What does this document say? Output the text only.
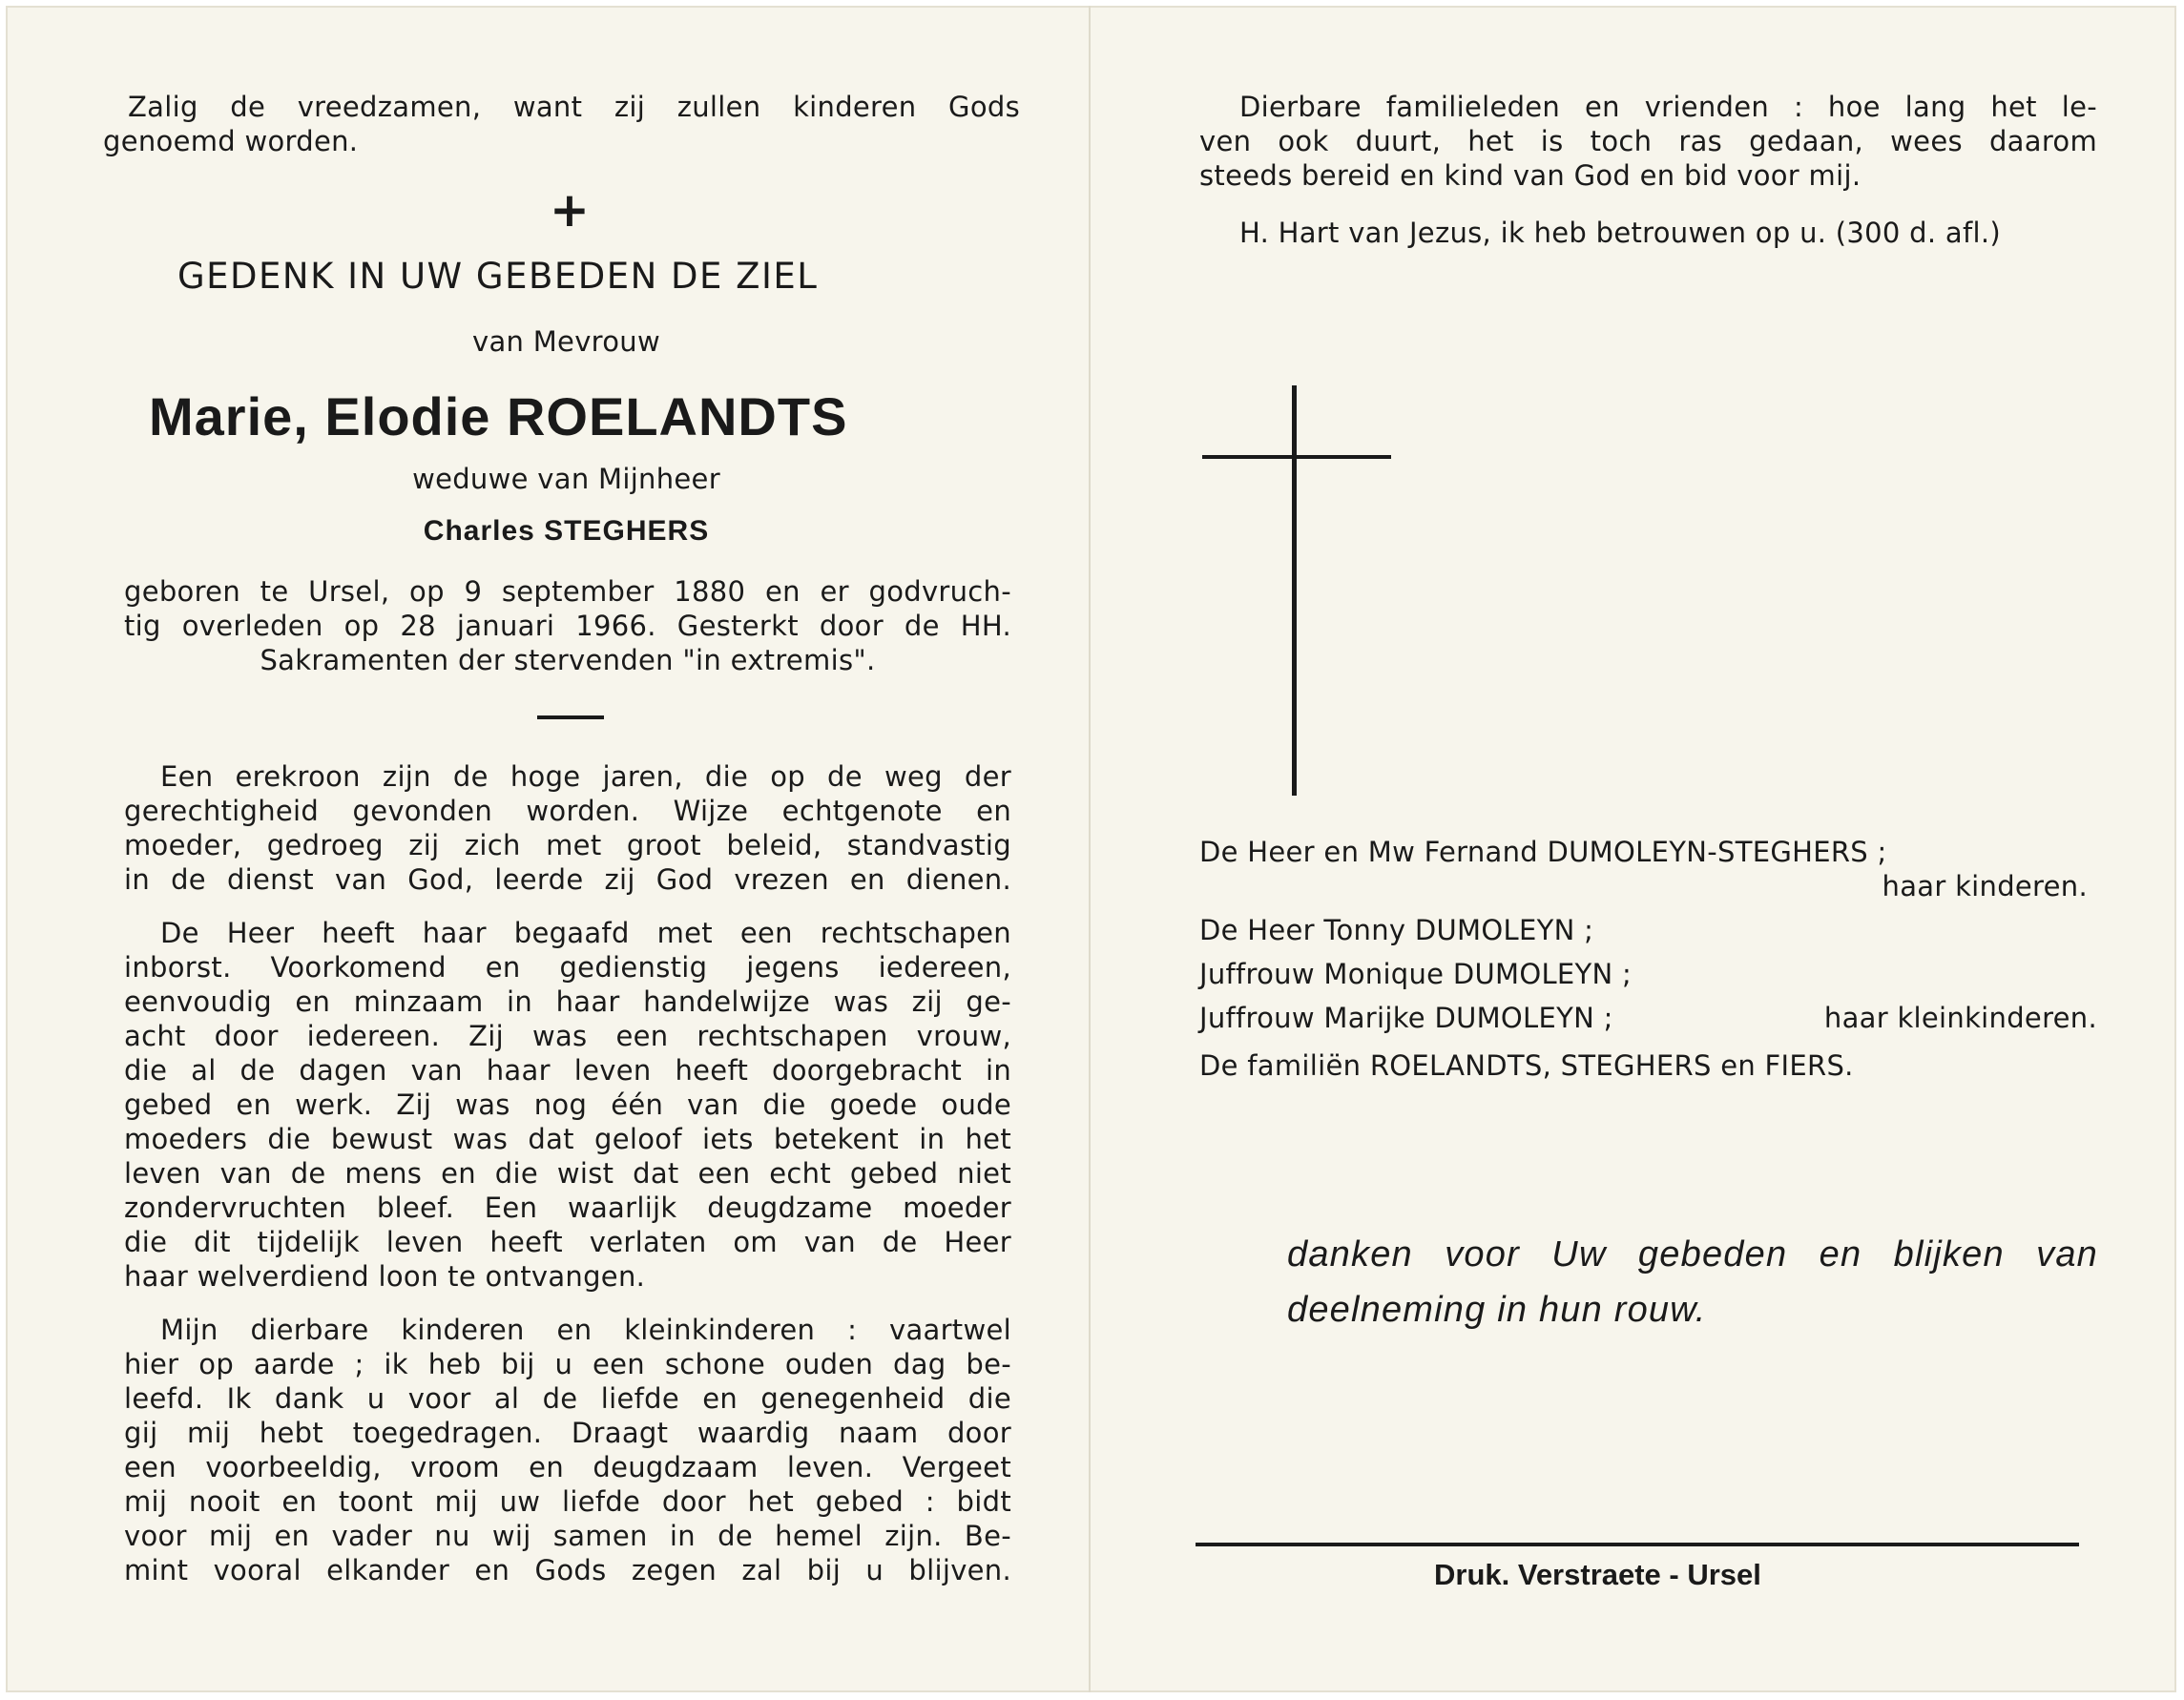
Zalig de vreedzamen, want zij zullen kinderen Gods

genoemd worden.

+
GEDENK IN UW GEBEDEN DE ZIEL
van Mevrouw
Marie, Elodie ROELANDTS
weduwe van Mijnheer
Charles STEGHERS

geboren te Ursel, op 9 september 1880 en er godvruch-

tig overleden op 28 januari 1966. Gesterkt door de HH.

Sakramenten der stervenden "in extremis".

Een erekroon zijn de hoge jaren, die op de weg der

gerechtigheid gevonden worden. Wijze echtgenote en

moeder, gedroeg zij zich met groot beleid, standvastig

in de dienst van God, leerde zij God vrezen en dienen.

De Heer heeft haar begaafd met een rechtschapen

inborst. Voorkomend en gedienstig jegens iedereen,

eenvoudig en minzaam in haar handelwijze was zij ge-

acht door iedereen. Zij was een rechtschapen vrouw,

die al de dagen van haar leven heeft doorgebracht in

gebed en werk. Zij was nog één van die goede oude

moeders die bewust was dat geloof iets betekent in het

leven van de mens en die wist dat een echt gebed niet

zondervruchten bleef. Een waarlijk deugdzame moeder

die dit tijdelijk leven heeft verlaten om van de Heer

haar welverdiend loon te ontvangen.

Mijn dierbare kinderen en kleinkinderen : vaartwel

hier op aarde ; ik heb bij u een schone ouden dag be-

leefd. Ik dank u voor al de liefde en genegenheid die

gij mij hebt toegedragen. Draagt waardig naam door

een voorbeeldig, vroom en deugdzaam leven. Vergeet

mij nooit en toont mij uw liefde door het gebed : bidt

voor mij en vader nu wij samen in de hemel zijn. Be-

mint vooral elkander en Gods zegen zal bij u blijven.

Dierbare familieleden en vrienden : hoe lang het le-

ven ook duurt, het is toch ras gedaan, wees daarom

steeds bereid en kind van God en bid voor mij.

H. Hart van Jezus, ik heb betrouwen op u. (300 d. afl.)

De Heer en Mw Fernand DUMOLEYN-STEGHERS ;

haar kinderen.

De Heer Tonny DUMOLEYN ;

Juffrouw Monique DUMOLEYN ;

Juffrouw Marijke DUMOLEYN ;	haar kleinkinderen.

De familiën ROELANDTS, STEGHERS en FIERS.

danken voor Uw gebeden en blijken van

deelneming in hun rouw.

Druk. Verstraete - Ursel
